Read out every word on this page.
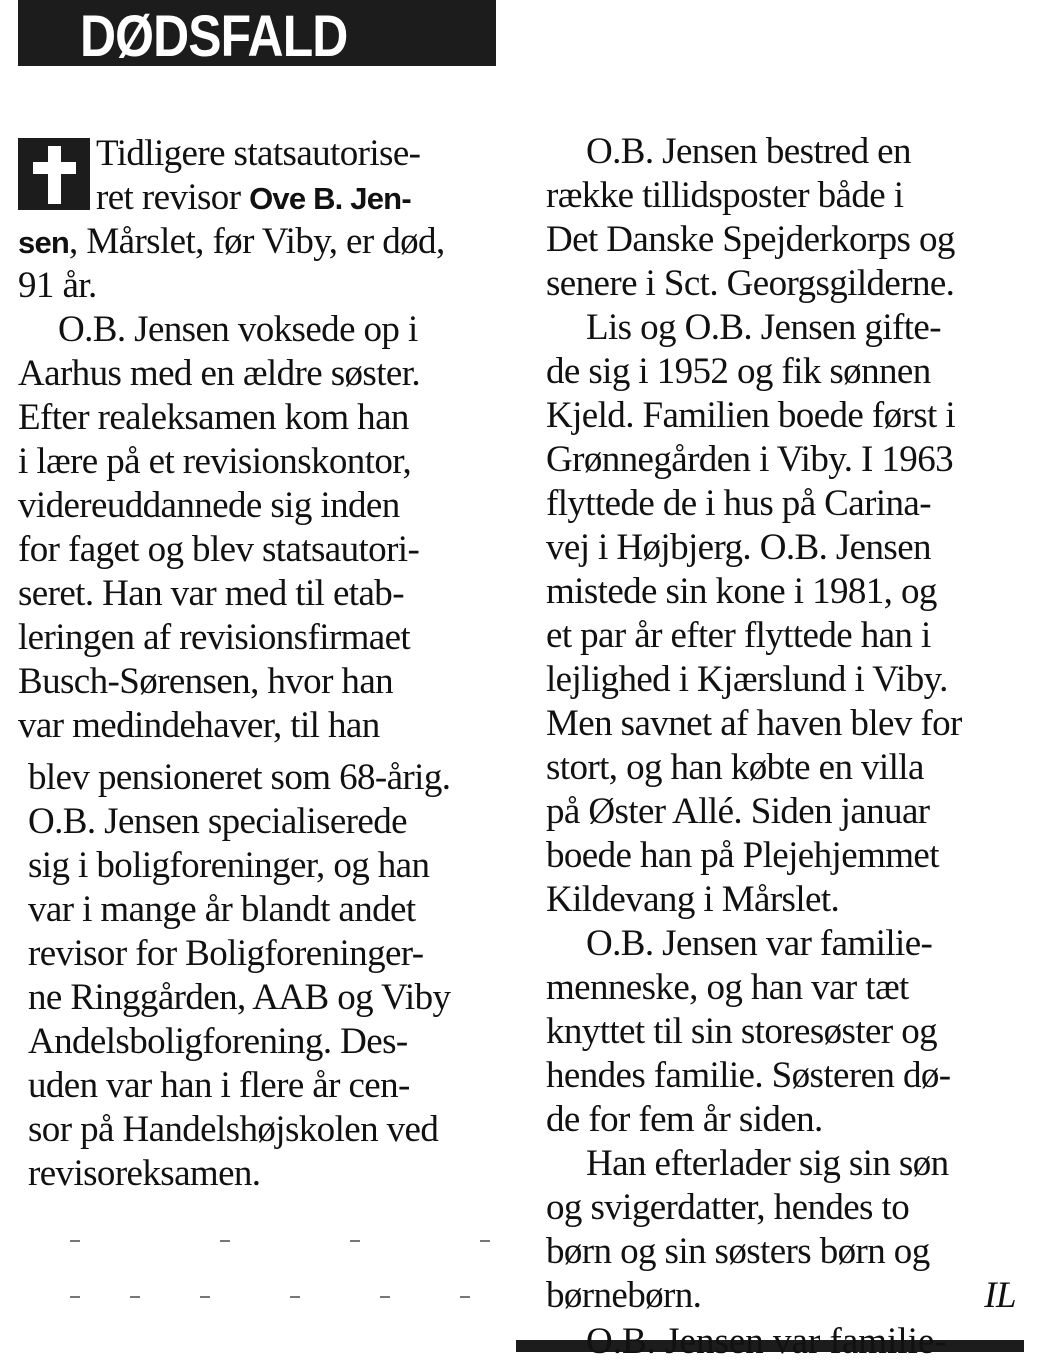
DØDSFALD
Tidligere statsautorise-
ret revisor Ove B. Jen-
sen, Mårslet, før Viby, er død,
91 år.
O.B. Jensen voksede op i
Aarhus med en ældre søster.
Efter realeksamen kom han
i lære på et revisionskontor,
videreuddannede sig inden
for faget og blev statsautori-
seret. Han var med til etab-
leringen af revisionsfirmaet
Busch-Sørensen, hvor han
var medindehaver, til han
blev pensioneret som 68-årig.
O.B. Jensen specialiserede
sig i boligforeninger, og han
var i mange år blandt andet
revisor for Boligforeninger-
ne Ringgården, AAB og Viby
Andelsboligforening. Des-
uden var han i flere år cen-
sor på Handelshøjskolen ved
revisoreksamen.
O.B. Jensen bestred en
række tillidsposter både i
Det Danske Spejderkorps og
senere i Sct. Georgsgilderne.
Lis og O.B. Jensen gifte-
de sig i 1952 og fik sønnen
Kjeld. Familien boede først i
Grønnegården i Viby. I 1963
flyttede de i hus på Carina-
vej i Højbjerg. O.B. Jensen
mistede sin kone i 1981, og
et par år efter flyttede han i
lejlighed i Kjærslund i Viby.
Men savnet af haven blev for
stort, og han købte en villa
på Øster Allé. Siden januar
boede han på Plejehjemmet
Kildevang i Mårslet.
O.B. Jensen var familie-
menneske, og han var tæt
knyttet til sin storesøster og
hendes familie. Søsteren dø-
de for fem år siden.
Han efterlader sig sin søn
og svigerdatter, hendes to
børn og sin søsters børn og
børnebørn.	IL
O.B. Jensen var familie-
